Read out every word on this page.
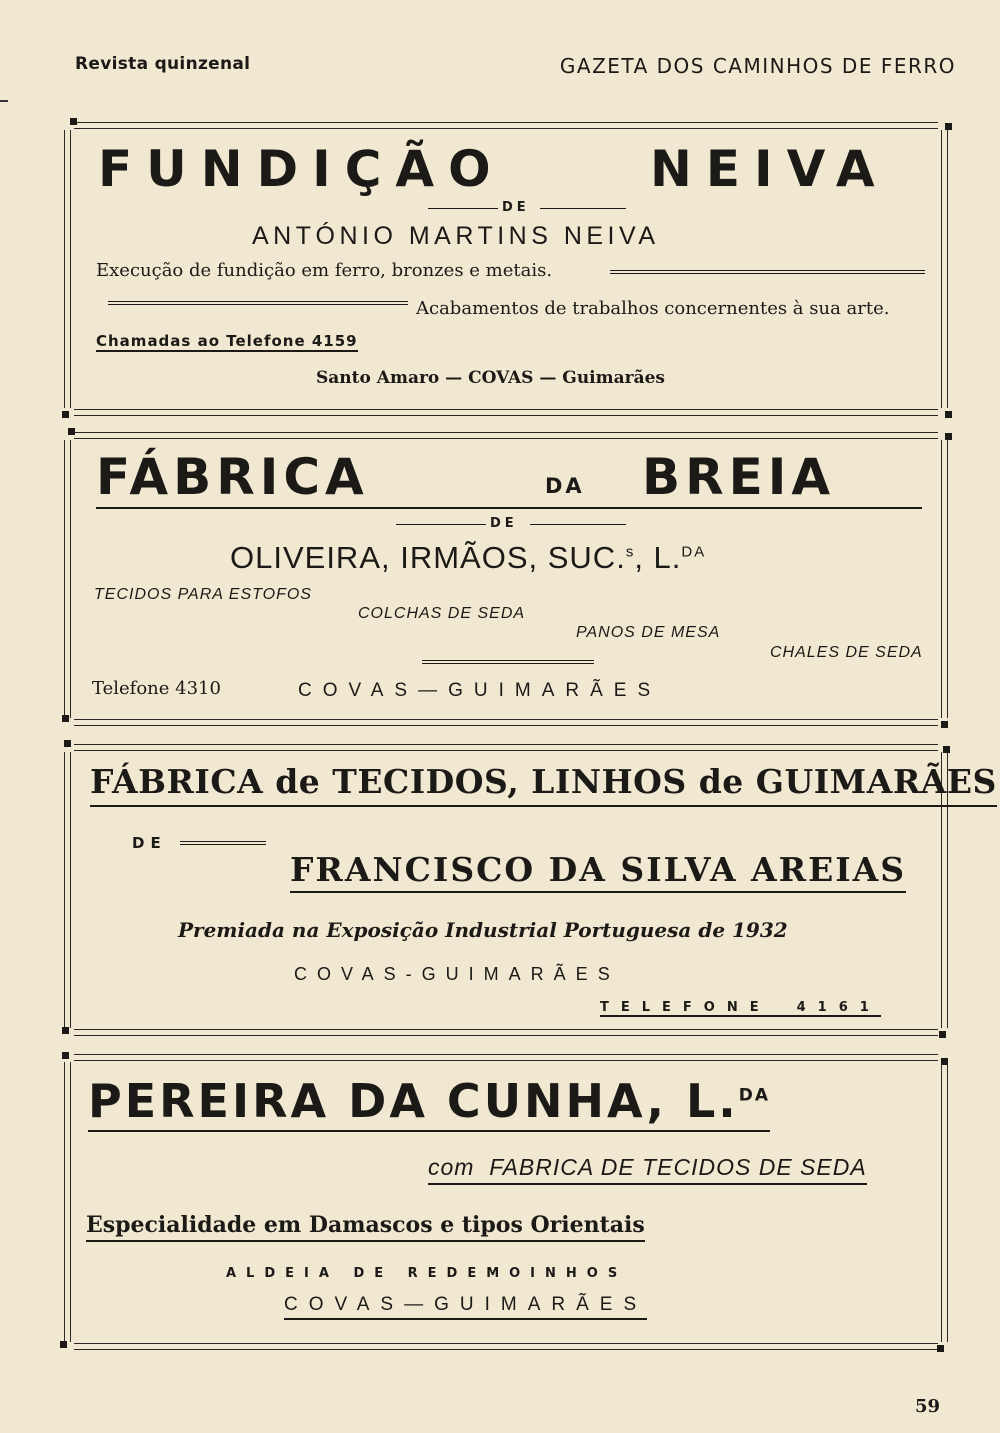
Revista quinzenal	GAZETA DOS CAMINHOS DE FERRO
FUNDIÇÃO	NEIVA
DE
ANTÓNIO MARTINS NEIVA
Execução de fundição em ferro, bronzes e metais.
Acabamentos de trabalhos concernentes à sua arte.
Chamadas ao Telefone 4159
Santo Amaro — COVAS — Guimarães
FÁBRICA	DA BREIA
DE
OLIVEIRA, IRMÃOS, SUC.$^s$, L.$^{DA}$
TECIDOS PARA ESTOFOS
COLCHAS DE SEDA
PANOS DE MESA
CHALES DE SEDA
Telefone 4310	COVAS—GUIMARÃES
FÁBRICA de TECIDOS, LINHOS de GUIMARÃES
DE
FRANCISCO DA SILVA AREIAS
Premiada na Exposição Industrial Portuguesa de 1932
COVAS-GUIMARÃES
TELEFONE 4161
PEREIRA DA CUNHA, L.$^{DA}$
com FABRICA DE TECIDOS DE SEDA
Especialidade em Damascos e tipos Orientais
ALDEIA DE REDEMOINHOS
COVAS—GUIMARÃES
59
